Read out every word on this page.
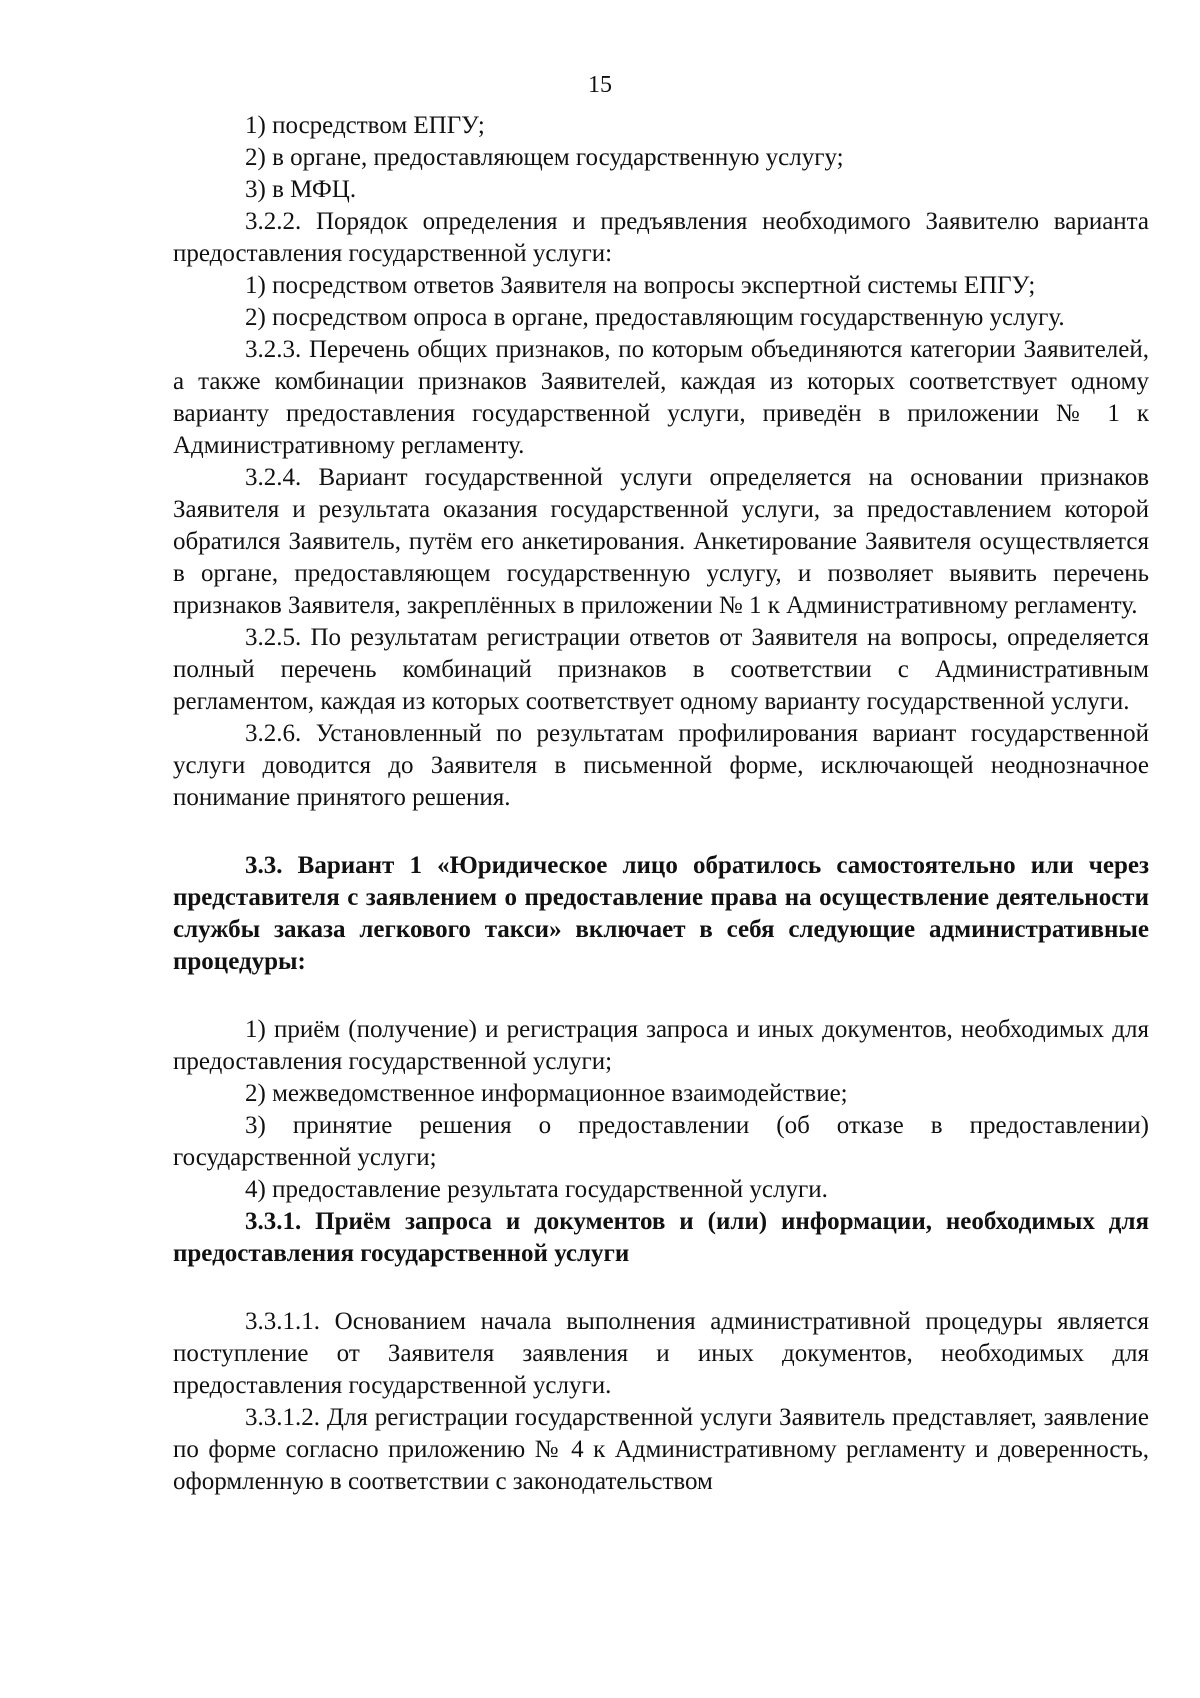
15

1) посредством ЕПГУ;

2) в органе, предоставляющем государственную услугу;

3) в МФЦ.

3.2.2. Порядок определения и предъявления необходимого Заявителю варианта предоставления государственной услуги:

1) посредством ответов Заявителя на вопросы экспертной системы ЕПГУ;

2) посредством опроса в органе, предоставляющим государственную услугу.

3.2.3. Перечень общих признаков, по которым объединяются категории Заявителей, а также комбинации признаков Заявителей, каждая из которых соответствует одному варианту предоставления государственной услуги, приведён в приложении № 1 к Административному регламенту.

3.2.4. Вариант государственной услуги определяется на основании признаков Заявителя и результата оказания государственной услуги, за предоставлением которой обратился Заявитель, путём его анкетирования. Анкетирование Заявителя осуществляется в органе, предоставляющем государственную услугу, и позволяет выявить перечень признаков Заявителя, закреплённых в приложении № 1 к Административному регламенту.

3.2.5. По результатам регистрации ответов от Заявителя на вопросы, определяется полный перечень комбинаций признаков в соответствии с Административным регламентом, каждая из которых соответствует одному варианту государственной услуги.

3.2.6. Установленный по результатам профилирования вариант государственной услуги доводится до Заявителя в письменной форме, исключающей неоднозначное понимание принятого решения.

3.3. Вариант 1 «Юридическое лицо обратилось самостоятельно или через представителя с заявлением о предоставление права на осуществление деятельности службы заказа легкового такси» включает в себя следующие административные процедуры:

1) приём (получение) и регистрация запроса и иных документов, необходимых для предоставления государственной услуги;

2) межведомственное информационное взаимодействие;

3) принятие решения о предоставлении (об отказе в предоставлении) государственной услуги;

4) предоставление результата государственной услуги.

3.3.1. Приём запроса и документов и (или) информации, необходимых для предоставления государственной услуги

3.3.1.1. Основанием начала выполнения административной процедуры является поступление от Заявителя заявления и иных документов, необходимых для предоставления государственной услуги.

3.3.1.2. Для регистрации государственной услуги Заявитель представляет, заявление по форме согласно приложению № 4 к Административному регламенту и доверенность, оформленную в соответствии с законодательством
